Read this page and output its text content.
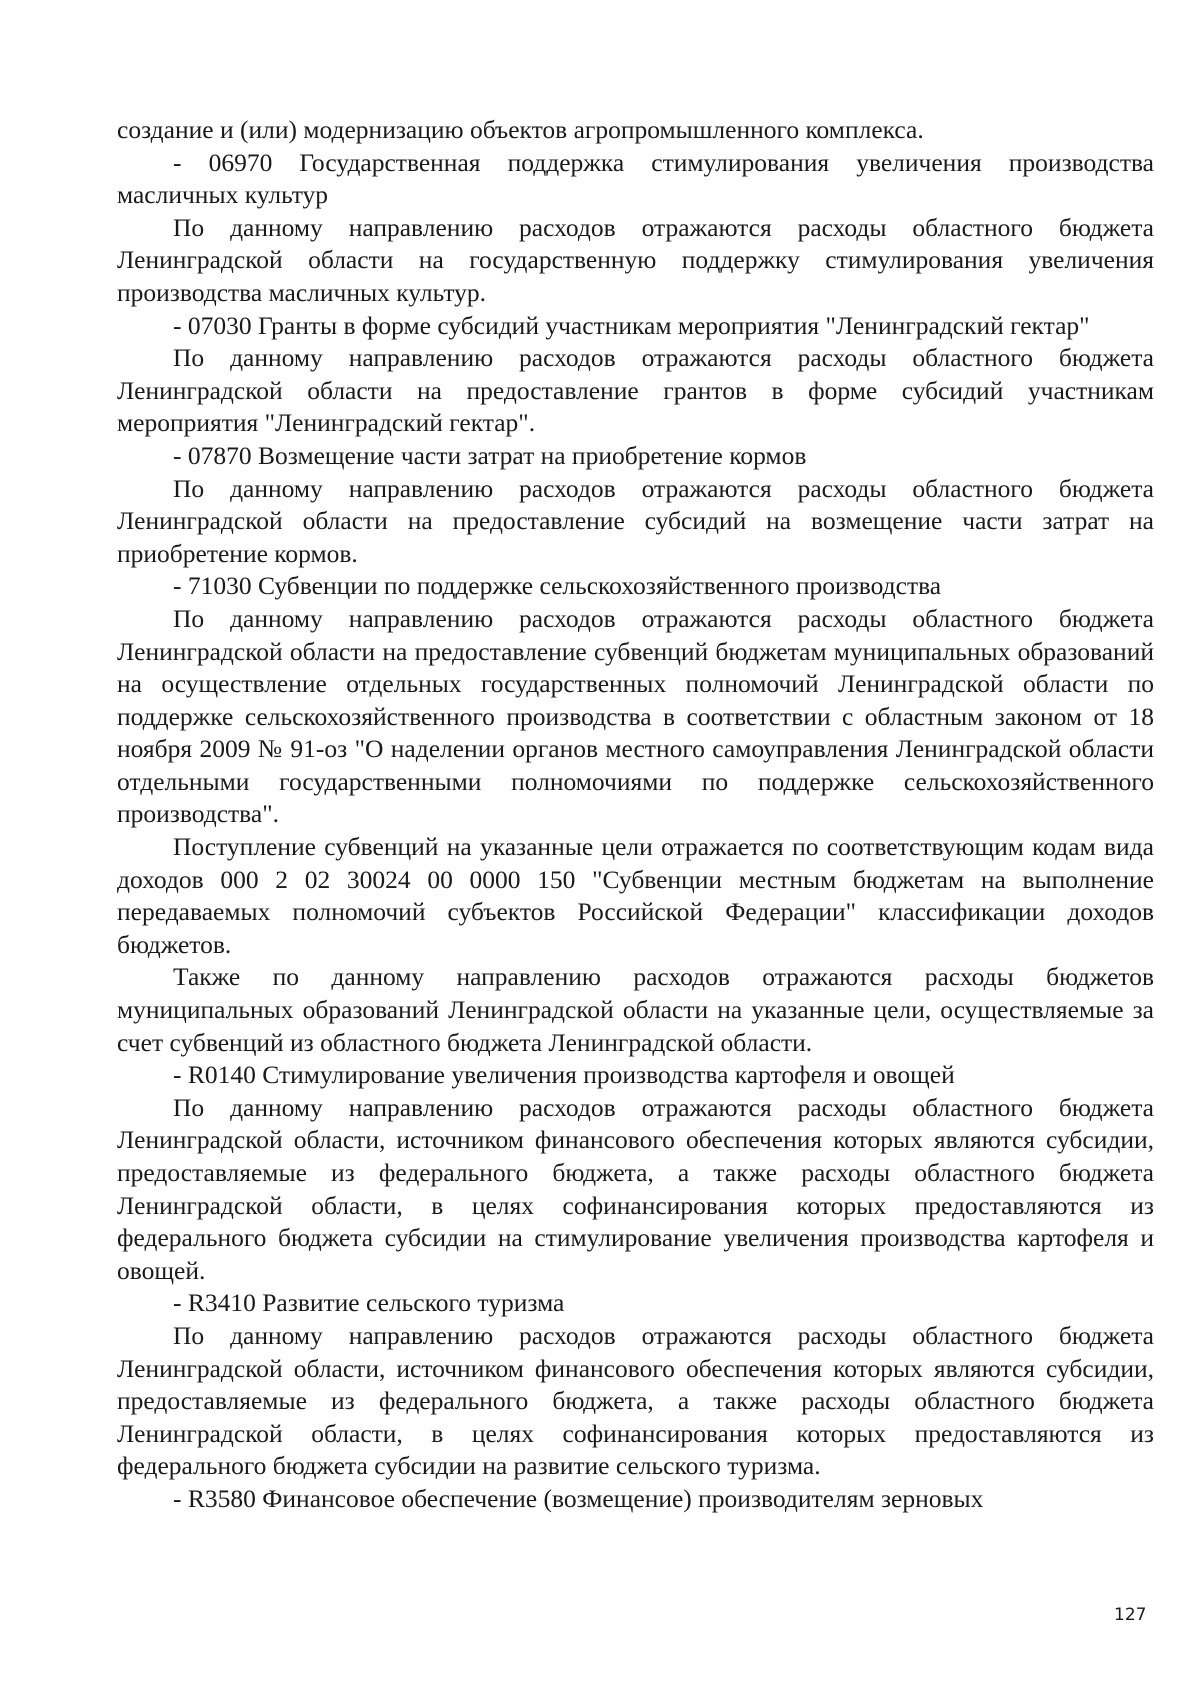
создание и (или) модернизацию объектов агропромышленного комплекса.

- 06970 Государственная поддержка стимулирования увеличения производства масличных культур

По данному направлению расходов отражаются расходы областного бюджета Ленинградской области на государственную поддержку стимулирования увеличения производства масличных культур.

- 07030 Гранты в форме субсидий участникам мероприятия "Ленинградский гектар"

По данному направлению расходов отражаются расходы областного бюджета Ленинградской области на предоставление грантов в форме субсидий участникам мероприятия "Ленинградский гектар".

- 07870 Возмещение части затрат на приобретение кормов

По данному направлению расходов отражаются расходы областного бюджета Ленинградской области на предоставление субсидий на возмещение части затрат на приобретение кормов.

- 71030 Субвенции по поддержке сельскохозяйственного производства

По данному направлению расходов отражаются расходы областного бюджета Ленинградской области на предоставление субвенций бюджетам муниципальных образований на осуществление отдельных государственных полномочий Ленинградской области по поддержке сельскохозяйственного производства в соответствии с областным законом от 18 ноября 2009 № 91-оз "О наделении органов местного самоуправления Ленинградской области отдельными государственными полномочиями по поддержке сельскохозяйственного производства".

Поступление субвенций на указанные цели отражается по соответствующим кодам вида доходов 000 2 02 30024 00 0000 150 "Субвенции местным бюджетам на выполнение передаваемых полномочий субъектов Российской Федерации" классификации доходов бюджетов.

Также по данному направлению расходов отражаются расходы бюджетов муниципальных образований Ленинградской области на указанные цели, осуществляемые за счет субвенций из областного бюджета Ленинградской области.

- R0140 Стимулирование увеличения производства картофеля и овощей

По данному направлению расходов отражаются расходы областного бюджета Ленинградской области, источником финансового обеспечения которых являются субсидии, предоставляемые из федерального бюджета, а также расходы областного бюджета Ленинградской области, в целях софинансирования которых предоставляются из федерального бюджета субсидии на стимулирование увеличения производства картофеля и овощей.

- R3410 Развитие сельского туризма

По данному направлению расходов отражаются расходы областного бюджета Ленинградской области, источником финансового обеспечения которых являются субсидии, предоставляемые из федерального бюджета, а также расходы областного бюджета Ленинградской области, в целях софинансирования которых предоставляются из федерального бюджета субсидии на развитие сельского туризма.

- R3580 Финансовое обеспечение (возмещение) производителям зерновых

127
